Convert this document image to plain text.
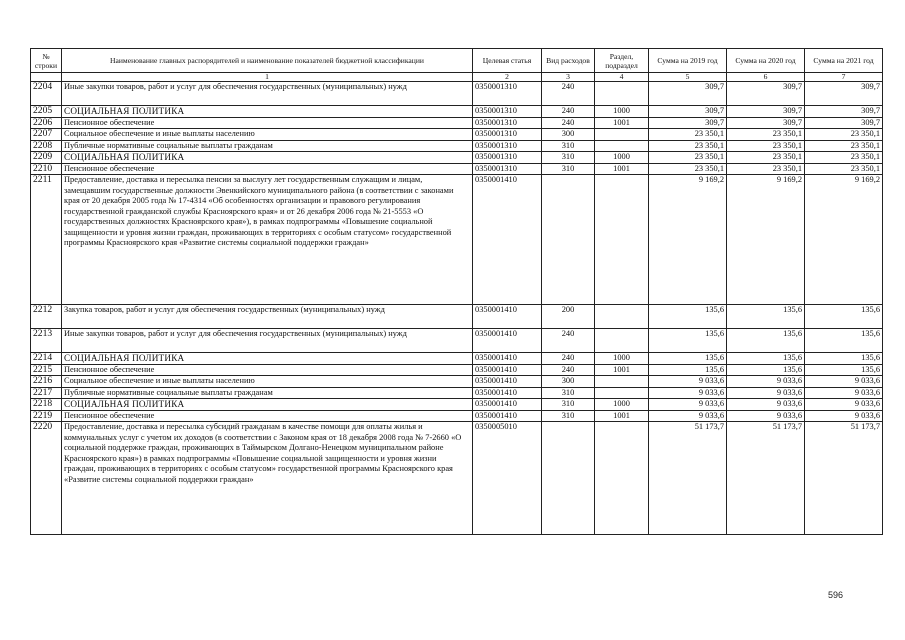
№ строки	Наименование главных распорядителей и наименование показателей бюджетной классификации	Целевая статья	Вид расходов	Раздел, подраздел	Сумма на 2019 год	Сумма на 2020 год	Сумма на 2021 год
	1	2	3	4	5	6	7
2204	Иные закупки товаров, работ и услуг для обеспечения государственных (муниципальных) нужд	0350001310	240		309,7	309,7	309,7
2205	СОЦИАЛЬНАЯ ПОЛИТИКА	0350001310	240	1000	309,7	309,7	309,7
2206	Пенсионное обеспечение	0350001310	240	1001	309,7	309,7	309,7
2207	Социальное обеспечение и иные выплаты населению	0350001310	300		23 350,1	23 350,1	23 350,1
2208	Публичные нормативные социальные выплаты гражданам	0350001310	310		23 350,1	23 350,1	23 350,1
2209	СОЦИАЛЬНАЯ ПОЛИТИКА	0350001310	310	1000	23 350,1	23 350,1	23 350,1
2210	Пенсионное обеспечение	0350001310	310	1001	23 350,1	23 350,1	23 350,1
2211	Предоставление, доставка и пересылка пенсии за выслугу лет государственным служащим и лицам, замещавшим государственные должности Эвенкийского муниципального района (в соответствии с законами края от 20 декабря 2005 года № 17-4314 «Об особенностях организации и правового регулирования государственной гражданской службы Красноярского края» и от 26 декабря 2006 года № 21-5553 «О государственных должностях Красноярского края»), в рамках подпрограммы «Повышение социальной защищенности и уровня жизни граждан, проживающих в территориях с особым статусом» государственной программы Красноярского края «Развитие системы социальной поддержки граждан»	0350001410			9 169,2	9 169,2	9 169,2
2212	Закупка товаров, работ и услуг для обеспечения государственных (муниципальных) нужд	0350001410	200		135,6	135,6	135,6
2213	Иные закупки товаров, работ и услуг для обеспечения государственных (муниципальных) нужд	0350001410	240		135,6	135,6	135,6
2214	СОЦИАЛЬНАЯ ПОЛИТИКА	0350001410	240	1000	135,6	135,6	135,6
2215	Пенсионное обеспечение	0350001410	240	1001	135,6	135,6	135,6
2216	Социальное обеспечение и иные выплаты населению	0350001410	300		9 033,6	9 033,6	9 033,6
2217	Публичные нормативные социальные выплаты гражданам	0350001410	310		9 033,6	9 033,6	9 033,6
2218	СОЦИАЛЬНАЯ ПОЛИТИКА	0350001410	310	1000	9 033,6	9 033,6	9 033,6
2219	Пенсионное обеспечение	0350001410	310	1001	9 033,6	9 033,6	9 033,6
2220	Предоставление, доставка и пересылка субсидий гражданам в качестве помощи для оплаты жилья и коммунальных услуг с учетом их доходов (в соответствии с Законом края от 18 декабря 2008 года № 7-2660 «О социальной поддержке граждан, проживающих в Таймырском Долгано-Ненецком муниципальном районе Красноярского края») в рамках подпрограммы «Повышение социальной защищенности и уровня жизни граждан, проживающих в территориях с особым статусом» государственной программы Красноярского края «Развитие системы социальной поддержки граждан»	0350005010			51 173,7	51 173,7	51 173,7
596
